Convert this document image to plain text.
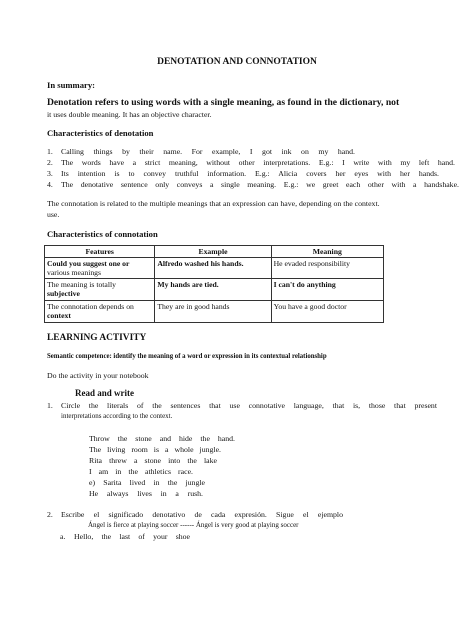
DENOTATION AND CONNOTATION
In summary:
Denotation refers to using words with a single meaning, as found in the dictionary, not
it uses double meaning. It has an objective character.
Characteristics of denotation
1. Calling things by their name. For example, I got ink on my hand.
2. The words have a strict meaning, without other interpretations. E.g.: I write with my left hand.
3. Its intention is to convey truthful information. E.g.: Alicia covers her eyes with her hands.
4. The denotative sentence only conveys a single meaning. E.g.: we greet each other with a handshake.
The connotation is related to the multiple meanings that an expression can have, depending on the context.
use.
Characteristics of connotation
Features	Example	Meaning
Could you suggest one or
various meanings	Alfredo washed his hands.	He evaded responsibility
The meaning is totally
subjective	My hands are tied.	I can't do anything
The connotation depends on
context	They are in good hands	You have a good doctor
LEARNING ACTIVITY
Semantic competence: identify the meaning of a word or expression in its contextual relationship
Do the activity in your notebook
Read and write
1. Circle the literals of the sentences that use connotative language, that is, those that present
interpretations according to the context.
Throw the stone and hide the hand.
The living room is a whole jungle.
Rita threw a stone into the lake
I am in the athletics race.
e) Sarita lived in the jungle
He always lives in a rush.
2. Escribe el significado denotativo de cada expresión. Sigue el ejemplo
Ángel is fierce at playing soccer ------ Ángel is very good at playing soccer
a. Hello, the last of your shoe
